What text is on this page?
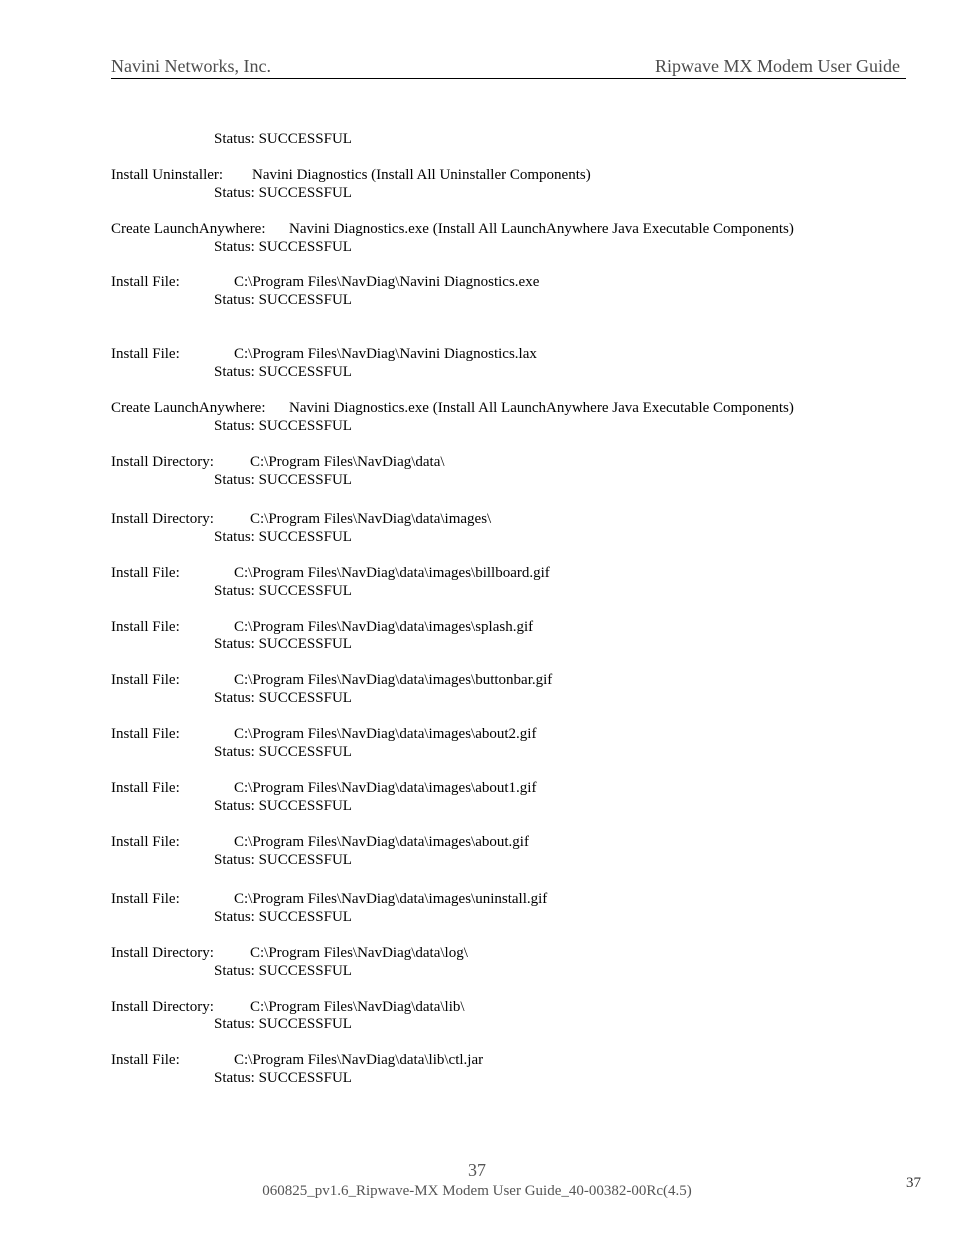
Navini Networks, Inc.	Ripwave MX Modem User Guide
Status: SUCCESSFUL
Install Uninstaller: Navini Diagnostics (Install All Uninstaller Components)
Status: SUCCESSFUL
Create LaunchAnywhere: Navini Diagnostics.exe (Install All LaunchAnywhere Java Executable Components)
Status: SUCCESSFUL
Install File:	C:\Program Files\NavDiag\Navini Diagnostics.exe
Status: SUCCESSFUL
Install File:	C:\Program Files\NavDiag\Navini Diagnostics.lax
Status: SUCCESSFUL
Create LaunchAnywhere: Navini Diagnostics.exe (Install All LaunchAnywhere Java Executable Components)
Status: SUCCESSFUL
Install Directory: C:\Program Files\NavDiag\data\
Status: SUCCESSFUL
Install Directory: C:\Program Files\NavDiag\data\images\
Status: SUCCESSFUL
Install File:	C:\Program Files\NavDiag\data\images\billboard.gif
Status: SUCCESSFUL
Install File:	C:\Program Files\NavDiag\data\images\splash.gif
Status: SUCCESSFUL
Install File:	C:\Program Files\NavDiag\data\images\buttonbar.gif
Status: SUCCESSFUL
Install File:	C:\Program Files\NavDiag\data\images\about2.gif
Status: SUCCESSFUL
Install File:	C:\Program Files\NavDiag\data\images\about1.gif
Status: SUCCESSFUL
Install File:	C:\Program Files\NavDiag\data\images\about.gif
Status: SUCCESSFUL
Install File:	C:\Program Files\NavDiag\data\images\uninstall.gif
Status: SUCCESSFUL
Install Directory: C:\Program Files\NavDiag\data\log\
Status: SUCCESSFUL
Install Directory: C:\Program Files\NavDiag\data\lib\
Status: SUCCESSFUL
Install File:	C:\Program Files\NavDiag\data\lib\ctl.jar
Status: SUCCESSFUL
37
060825_pv1.6_Ripwave-MX Modem User Guide_40-00382-00Rc(4.5)	37
